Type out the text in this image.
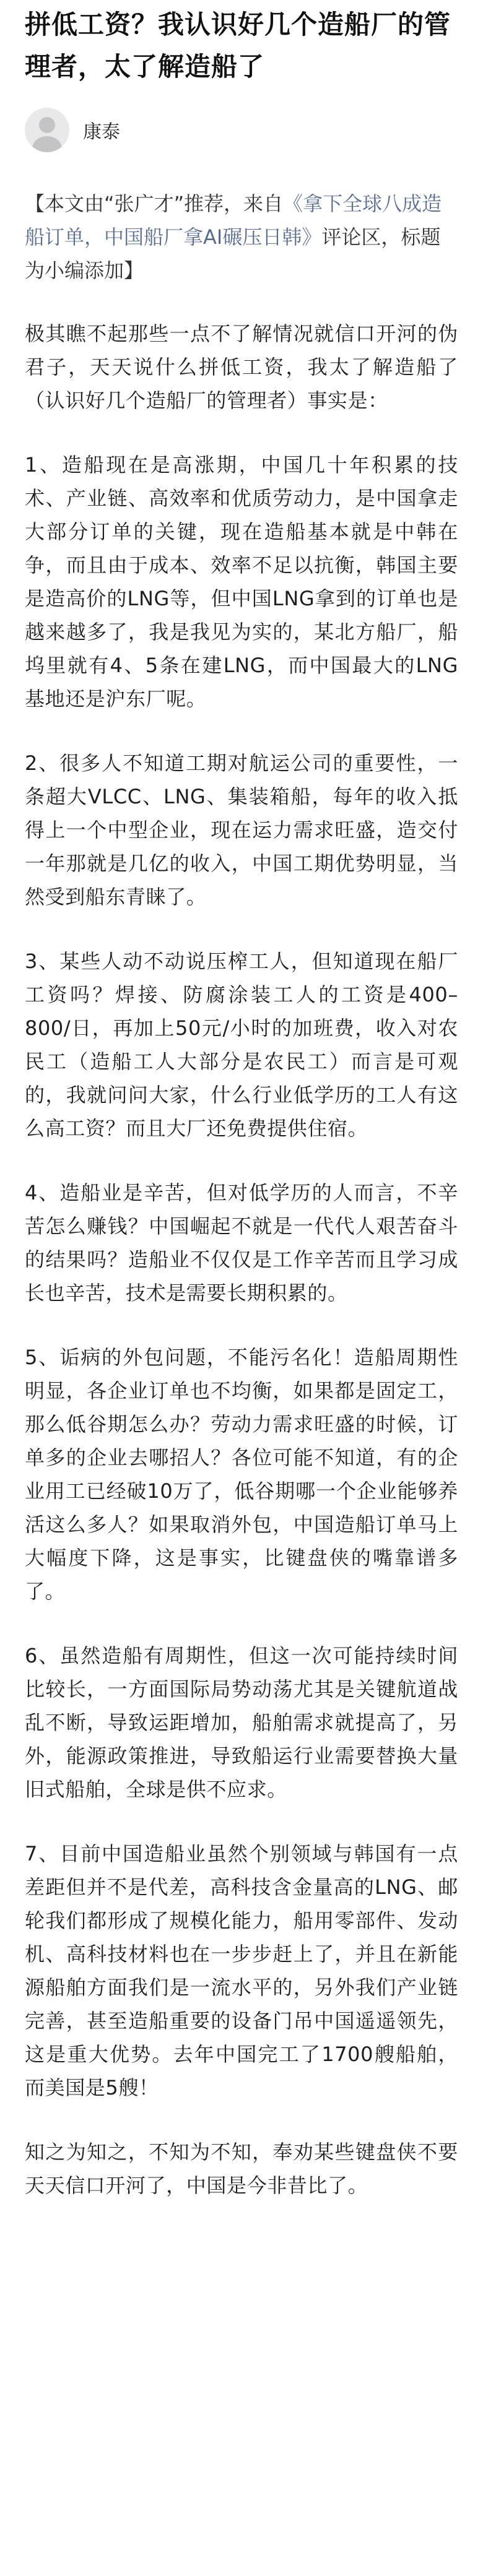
拼低工资？我认识好几个造船厂的管理者，太了解造船了
康泰
【本文由“张广才”推荐，来自《拿下全球八成造船订单，中国船厂拿AI碾压日韩》评论区，标题为小编添加】

极其瞧不起那些一点不了解情况就信口开河的伪君子，天天说什么拼低工资，我太了解造船了（认识好几个造船厂的管理者）事实是：

1、造船现在是高涨期，中国几十年积累的技术、产业链、高效率和优质劳动力，是中国拿走大部分订单的关键，现在造船基本就是中韩在争，而且由于成本、效率不足以抗衡，韩国主要是造高价的LNG等，但中国LNG拿到的订单也是越来越多了，我是我见为实的，某北方船厂，船坞里就有4、5条在建LNG，而中国最大的LNG基地还是沪东厂呢。

2、很多人不知道工期对航运公司的重要性，一条超大VLCC、LNG、集装箱船，每年的收入抵得上一个中型企业，现在运力需求旺盛，造交付一年那就是几亿的收入，中国工期优势明显，当然受到船东青睐了。

3、某些人动不动说压榨工人，但知道现在船厂工资吗？焊接、防腐涂装工人的工资是400–800/日，再加上50元/小时的加班费，收入对农民工（造船工人大部分是农民工）而言是可观的，我就问问大家，什么行业低学历的工人有这么高工资？而且大厂还免费提供住宿。

4、造船业是辛苦，但对低学历的人而言，不辛苦怎么赚钱？中国崛起不就是一代代人艰苦奋斗的结果吗？造船业不仅仅是工作辛苦而且学习成长也辛苦，技术是需要长期积累的。

5、诟病的外包问题，不能污名化！造船周期性明显，各企业订单也不均衡，如果都是固定工，那么低谷期怎么办？劳动力需求旺盛的时候，订单多的企业去哪招人？各位可能不知道，有的企业用工已经破10万了，低谷期哪一个企业能够养活这么多人？如果取消外包，中国造船订单马上大幅度下降，这是事实，比键盘侠的嘴靠谱多了。

6、虽然造船有周期性，但这一次可能持续时间比较长，一方面国际局势动荡尤其是关键航道战乱不断，导致运距增加，船舶需求就提高了，另外，能源政策推进，导致船运行业需要替换大量旧式船舶，全球是供不应求。

7、目前中国造船业虽然个别领域与韩国有一点差距但并不是代差，高科技含金量高的LNG、邮轮我们都形成了规模化能力，船用零部件、发动机、高科技材料也在一步步赶上了，并且在新能源船舶方面我们是一流水平的，另外我们产业链完善，甚至造船重要的设备门吊中国遥遥领先，这是重大优势。去年中国完工了1700艘船舶，而美国是5艘！

知之为知之，不知为不知，奉劝某些键盘侠不要天天信口开河了，中国是今非昔比了。
